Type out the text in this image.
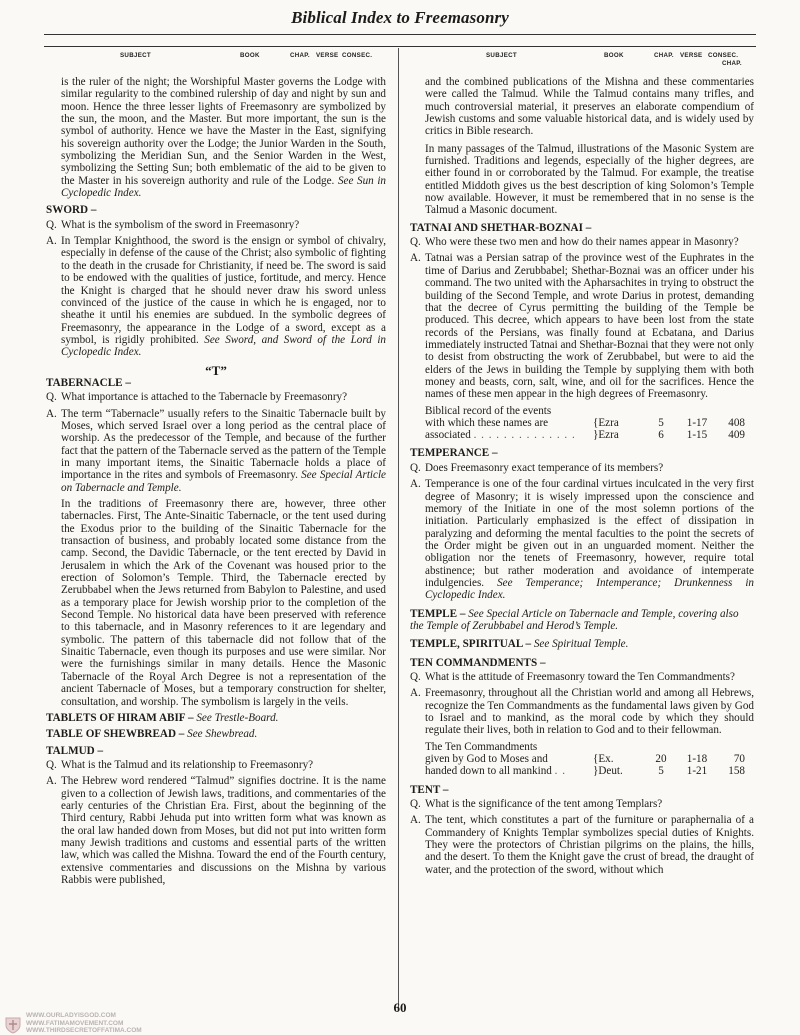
Biblical Index to Freemasonry
SUBJECT	BOOK	CHAP. VERSE CONSEC.	SUBJECT	BOOK	CHAP. VERSE CONSEC.
CHAP.

is the ruler of the night; the Worshipful Master governs the Lodge with similar regularity to the combined rulership of day and night by sun and moon. Hence the three lesser lights of Freemasonry are symbolized by the sun, the moon, and the Master. But more important, the sun is the symbol of authority. Hence we have the Master in the East, signifying his sovereign authority over the Lodge; the Junior Warden in the South, symbolizing the Meridian Sun, and the Senior Warden in the West, symbolizing the Setting Sun; both emblematic of the aid to be given to the Master in his sovereign authority and rule of the Lodge. See Sun in Cyclopedic Index.

SWORD –
Q. What is the symbolism of the sword in Freemasonry?
A. In Templar Knighthood, the sword is the ensign or symbol of chivalry, especially in defense of the cause of the Christ; also symbolic of fighting to the death in the crusade for Christianity, if need be. The sword is said to be endowed with the qualities of justice, fortitude, and mercy. Hence the Knight is charged that he should never draw his sword unless convinced of the justice of the cause in which he is engaged, nor to sheathe it until his enemies are subdued. In the symbolic degrees of Freemasonry, the appearance in the Lodge of a sword, except as a symbol, is rigidly prohibited. See Sword, and Sword of the Lord in Cyclopedic Index.

“T”
TABERNACLE –
Q. What importance is attached to the Tabernacle by Freemasonry?
A. The term “Tabernacle” usually refers to the Sinaitic Tabernacle built by Moses, which served Israel over a long period as the central place of worship. As the predecessor of the Temple, and because of the further fact that the pattern of the Tabernacle served as the pattern of the Temple in many important items, the Sinaitic Tabernacle holds a place of importance in the rites and symbols of Freemasonry. See Special Article on Tabernacle and Temple.

In the traditions of Freemasonry there are, however, three other tabernacles. First, The Ante-Sinaitic Tabernacle, or the tent used during the Exodus prior to the building of the Sinaitic Tabernacle for the transaction of business, and probably located some distance from the camp. Second, the Davidic Tabernacle, or the tent erected by David in Jerusalem in which the Ark of the Covenant was housed prior to the erection of Solomon’s Temple. Third, the Tabernacle erected by Zerubbabel when the Jews returned from Babylon to Palestine, and used as a temporary place for Jewish worship prior to the completion of the Second Temple. No historical data have been preserved with reference to this tabernacle, and in Masonry references to it are legendary and symbolic. The pattern of this tabernacle did not follow that of the Sinaitic Tabernacle, even though its purposes and use were similar. Nor were the furnishings similar in many details. Hence the Masonic Tabernacle of the Royal Arch Degree is not a representation of the ancient Tabernacle of Moses, but a temporary construction for shelter, consultation, and worship. The symbolism is largely in the veils.

TABLETS OF HIRAM ABIF – See Trestle-Board.
TABLE OF SHEWBREAD – See Shewbread.
TALMUD –
Q. What is the Talmud and its relationship to Freemasonry?
A. The Hebrew word rendered “Talmud” signifies doctrine. It is the name given to a collection of Jewish laws, traditions, and commentaries of the early centuries of the Christian Era. First, about the beginning of the Third century, Rabbi Jehuda put into written form what was known as the oral law handed down from Moses, but did not put into written form many Jewish traditions and customs and essential parts of the written law, which was called the Mishna. Toward the end of the Fourth century, extensive commentaries and discussions on the Mishna by various Rabbis were published,

and the combined publications of the Mishna and these commentaries were called the Talmud. While the Talmud contains many trifles, and much controversial material, it preserves an elaborate compendium of Jewish customs and some valuable historical data, and is widely used by critics in Bible research.

In many passages of the Talmud, illustrations of the Masonic System are furnished. Traditions and legends, especially of the higher degrees, are either found in or corroborated by the Talmud. For example, the treatise entitled Middoth gives us the best description of king Solomon’s Temple now available. However, it must be remembered that in no sense is the Talmud a Masonic document.

TATNAI AND SHETHAR-BOZNAI –
Q. Who were these two men and how do their names appear in Masonry?
A. Tatnai was a Persian satrap of the province west of the Euphrates in the time of Darius and Zerubbabel; Shethar-Boznai was an officer under his command. The two united with the Apharsachites in trying to obstruct the building of the Second Temple, and wrote Darius in protest, demanding that the decree of Cyrus permitting the building of the Temple be produced. This decree, which appears to have been lost from the state records of the Persians, was finally found at Ecbatana, and Darius immediately instructed Tatnai and Shethar-Boznai that they were not only to desist from obstructing the work of Zerubbabel, but were to aid the elders of the Jews in building the Temple by supplying them with both money and beasts, corn, salt, wine, and oil for the sacrifices. Hence the names of these men appear in the high degrees of Freemasonry.

Biblical record of the events				
with which these names are	{Ezra	5	1-17	408
associated . . . . . . . . . . . . . .	}Ezra	6	1-15	409
TEMPERANCE –
Q. Does Freemasonry exact temperance of its members?
A. Temperance is one of the four cardinal virtues inculcated in the very first degree of Masonry; it is wisely impressed upon the conscience and memory of the Initiate in one of the most solemn portions of the initiation. Particularly emphasized is the effect of dissipation in paralyzing and deforming the mental faculties to the point the secrets of the Order might be given out in an unguarded moment. Neither the obligation nor the tenets of Freemasonry, however, require total abstinence; but rather moderation and avoidance of intemperate indulgencies. See Temperance; Intemperance; Drunkenness in Cyclopedic Index.

TEMPLE – See Special Article on Tabernacle and Temple, covering also the Temple of Zerubbabel and Herod’s Temple.
TEMPLE, SPIRITUAL – See Spiritual Temple.
TEN COMMANDMENTS –
Q. What is the attitude of Freemasonry toward the Ten Commandments?
A. Freemasonry, throughout all the Christian world and among all Hebrews, recognize the Ten Commandments as the fundamental laws given by God to Israel and to mankind, as the moral code by which they should regulate their lives, both in relation to God and to their fellowman.

The Ten Commandments				
given by God to Moses and	{Ex.	20	1-18	70
handed down to all mankind . .	}Deut.	5	1-21	158
TENT –
Q. What is the significance of the tent among Templars?
A. The tent, which constitutes a part of the furniture or paraphernalia of a Commandery of Knights Templar symbolizes special duties of Knights. They were the protectors of Christian pilgrims on the plains, the hills, and the desert. To them the Knight gave the crust of bread, the draught of water, and the protection of the sword, without which

60
WWW.OURLADYISGOD.COM
WWW.FATIMAMOVEMENT.COM
WWW.THIRDSECRETOFFATIMA.COM
